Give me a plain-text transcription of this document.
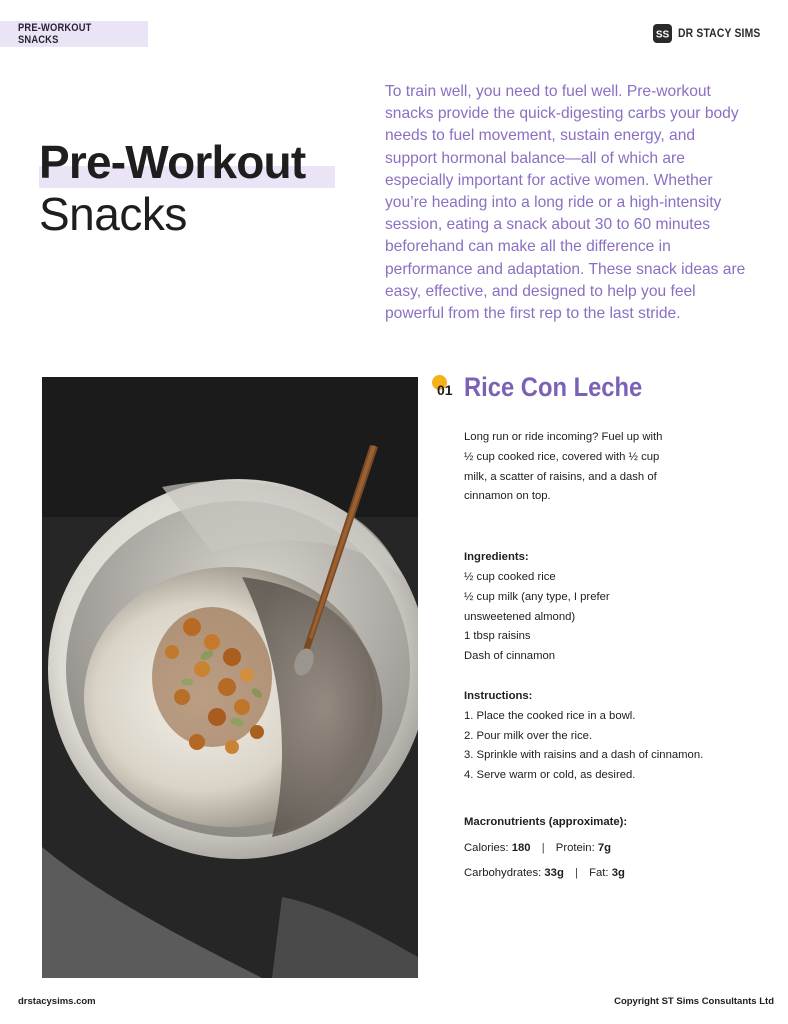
PRE-WORKOUT SNACKS	SS DR STACY SIMS
Pre-Workout
Snacks

To train well, you need to fuel well. Pre-workout snacks provide the quick-digesting carbs your body needs to fuel movement, sustain energy, and support hormonal balance—all of which are especially important for active women. Whether you’re heading into a long ride or a high-intensity session, eating a snack about 30 to 60 minutes beforehand can make all the difference in performance and adaptation. These snack ideas are easy, effective, and designed to help you feel powerful from the first rep to the last stride.

01 Rice Con Leche

Long run or ride incoming? Fuel up with ½ cup cooked rice, covered with ½ cup milk, a scatter of raisins, and a dash of cinnamon on top.

Ingredients:
½ cup cooked rice
½ cup milk (any type, I prefer
unsweetened almond)
1 tbsp raisins
Dash of cinnamon
Instructions:
1. Place the cooked rice in a bowl.
2. Pour milk over the rice.
3. Sprinkle with raisins and a dash of cinnamon.
4. Serve warm or cold, as desired.
Macronutrients (approximate):
Calories: 180 | Protein: 7g
Carbohydrates: 33g | Fat: 3g
drstacysims.com	Copyright ST Sims Consultants Ltd
